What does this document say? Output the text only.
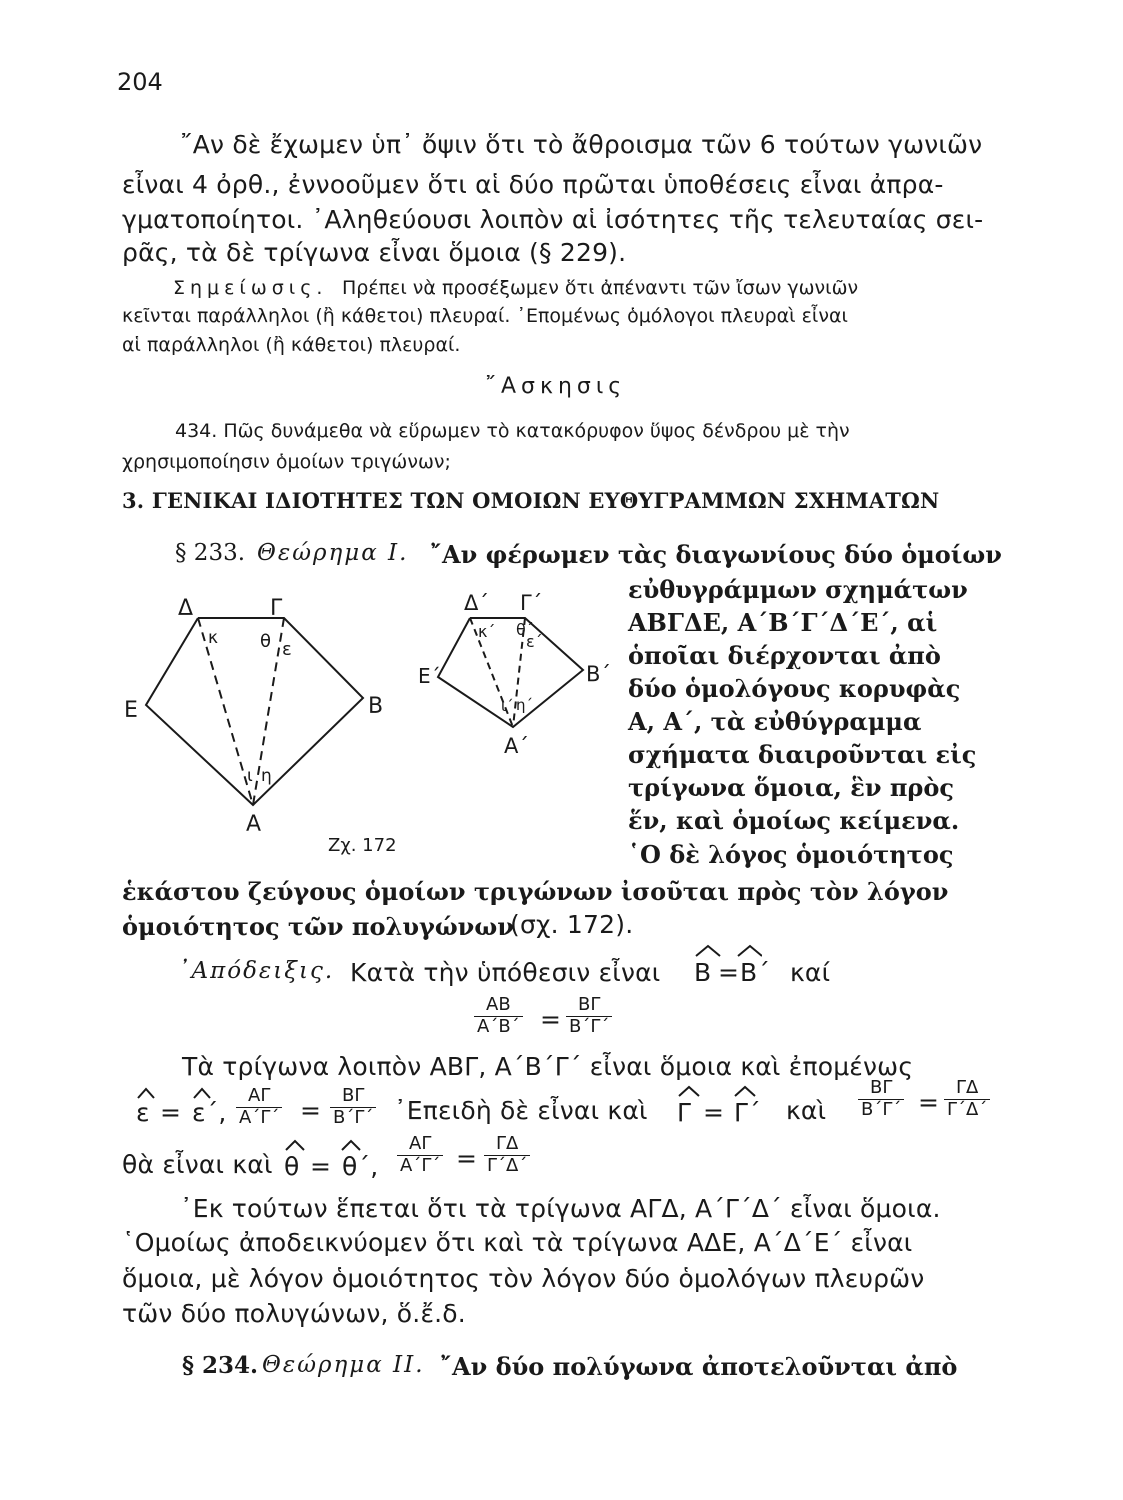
204
῎Αν δὲ ἔχωμεν ὑπ᾿ ὄψιν ὅτι τὸ ἄθροισμα τῶν 6 τούτων γωνιῶν
εἶναι 4 ὀρθ., ἐννοοῦμεν ὅτι αἱ δύο πρῶται ὑποθέσεις εἶναι ἀπρα-
γματοποίητοι. ᾿Αληθεύουσι λοιπὸν αἱ ἰσότητες τῆς τελευταίας σει-
ρᾶς, τὰ δὲ τρίγωνα εἶναι ὅμοια (§ 229).
Σημείωσις. Πρέπει νὰ προσέξωμεν ὅτι ἀπέναντι τῶν ἴσων γωνιῶν
κεῖνται παράλληλοι (ἢ κάθετοι) πλευραί. ᾿Επομένως ὁμόλογοι πλευραὶ εἶναι
αἱ παράλληλοι (ἢ κάθετοι) πλευραί.
῎Ασκησις
434. Πῶς δυνάμεθα νὰ εὕρωμεν τὸ κατακόρυφον ὕψος δένδρου μὲ τὴν
χρησιμοποίησιν ὁμοίων τριγώνων;
3. ΓΕΝΙΚΑΙ ΙΔΙΟΤΗΤΕΣ ΤΩΝ ΟΜΟΙΩΝ ΕΥΘΥΓΡΑΜΜΩΝ ΣΧΗΜΑΤΩΝ
§ 233. Θεώρημα Ι. ῎Αν φέρωμεν τὰς διαγωνίους δύο ὁμοίων
εὐθυγράμμων σχημάτων
ΑΒΓΔΕ, Α΄Β΄Γ΄Δ΄Ε΄, αἱ
ὁποῖαι διέρχονται ἀπὸ
δύο ὁμολόγους κορυφὰς
Α, Α΄, τὰ εὐθύγραμμα
σχήματα διαιροῦνται εἰς
τρίγωνα ὅμοια, ἓν πρὸς
ἕν, καὶ ὁμοίως κείμενα.
῾Ο δὲ λόγος ὁμοιότητος
ἑκάστου ζεύγους ὁμοίων τριγώνων ἰσοῦται πρὸς τὸν λόγον
ὁμοιότητος τῶν πολυγώνων
(σχ. 172).
Δ	Γ
Ε	Β
Α
κ θ ε
ι η
Δ΄ Γ΄
Ε΄	Β΄
Α΄
κ΄ θ΄
ε΄
ι΄ η΄
Ζχ. 172
᾿Απόδειξις. Κατὰ τὴν ὑπόθεσιν εἶναι Β = Β΄ καί
$\frac{AB}{A΄B΄} = \frac{B\Gamma}{B΄\Gamma΄}$
Τὰ τρίγωνα λοιπὸν ΑΒΓ, Α΄Β΄Γ΄ εἶναι ὅμοια καὶ ἐπομένως
ε = ε΄, $\frac{A\Gamma}{A΄\Gamma΄} = \frac{B\Gamma}{B΄\Gamma΄}$ ᾿Επειδὴ δὲ εἶναι καὶ Γ = Γ΄ καὶ $\frac{B\Gamma}{B΄\Gamma΄} = \frac{\Gamma\Delta}{\Gamma΄\Delta΄}$
θὰ εἶναι καὶ θ = θ΄, $\frac{A\Gamma}{A΄\Gamma΄} = \frac{\Gamma\Delta}{\Gamma΄\Delta΄}$
᾿Εκ τούτων ἕπεται ὅτι τὰ τρίγωνα ΑΓΔ, Α΄Γ΄Δ΄ εἶναι ὅμοια.
῾Ομοίως ἀποδεικνύομεν ὅτι καὶ τὰ τρίγωνα ΑΔΕ, Α΄Δ΄Ε΄ εἶναι
ὅμοια, μὲ λόγον ὁμοιότητος τὸν λόγον δύο ὁμολόγων πλευρῶν
τῶν δύο πολυγώνων, ὅ.ἔ.δ.
§ 234. Θεώρημα ΙΙ. ῎Αν δύο πολύγωνα ἀποτελοῦνται ἀπὸ
